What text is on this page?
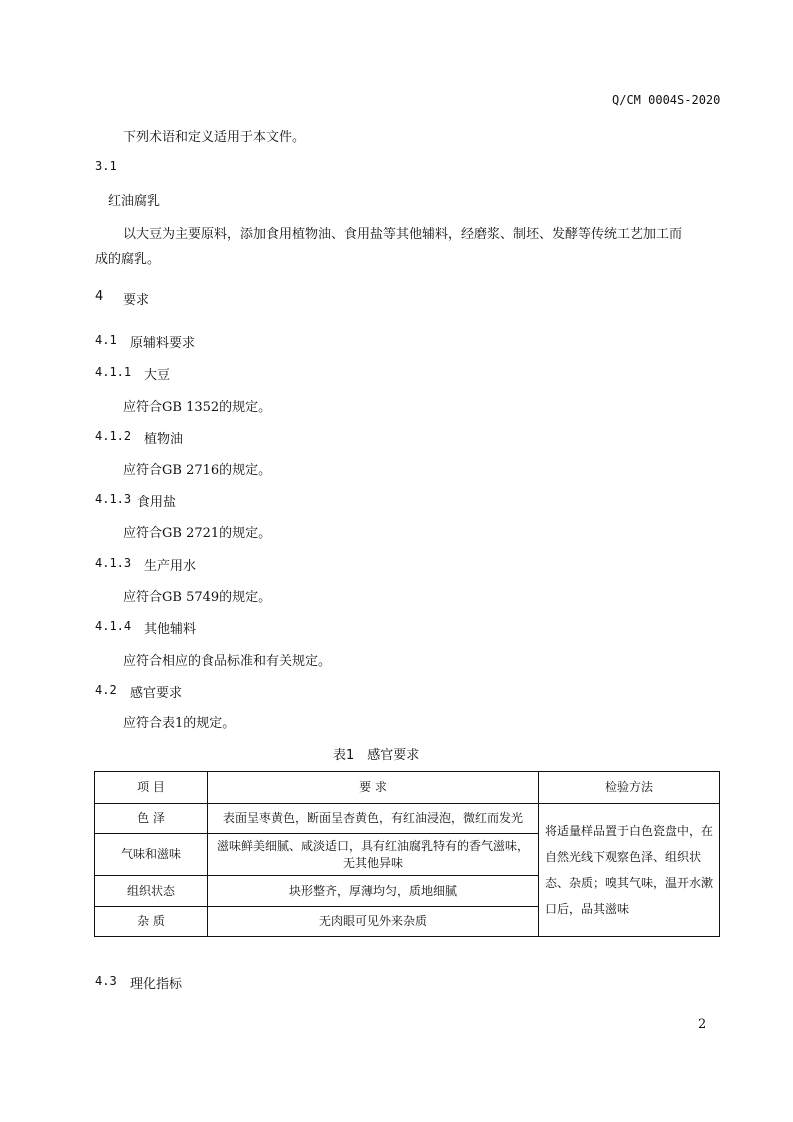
Q/CM 0004S-2020
下列术语和定义适用于本文件。
3.1
红油腐乳
以大豆为主要原料，添加食用植物油、食用盐等其他辅料，经磨浆、制坯、发酵等传统工艺加工而
成的腐乳。
4 要求
4.1 原辅料要求
4.1.1 大豆
应符合GB 1352的规定。
4.1.2 植物油
应符合GB 2716的规定。
4.1.3 食用盐
应符合GB 2721的规定。
4.1.3 生产用水
应符合GB 5749的规定。
4.1.4 其他辅料
应符合相应的食品标准和有关规定。
4.2 感官要求
应符合表1的规定。
表1　感官要求
项 目	要 求	检验方法
色 泽	表面呈枣黄色，断面呈杏黄色，有红油浸泡，微红而发光	将适量样品置于白色瓷盘中，在
自然光线下观察色泽、组织状
态、杂质；嗅其气味，温开水漱
口后，品其滋味

气味和滋味	滋味鲜美细腻、咸淡适口，具有红油腐乳特有的香气滋味，
无其他异味	

组织状态	块形整齐，厚薄均匀，质地细腻	
杂 质	无肉眼可见外来杂质	
4.3 理化指标
2
